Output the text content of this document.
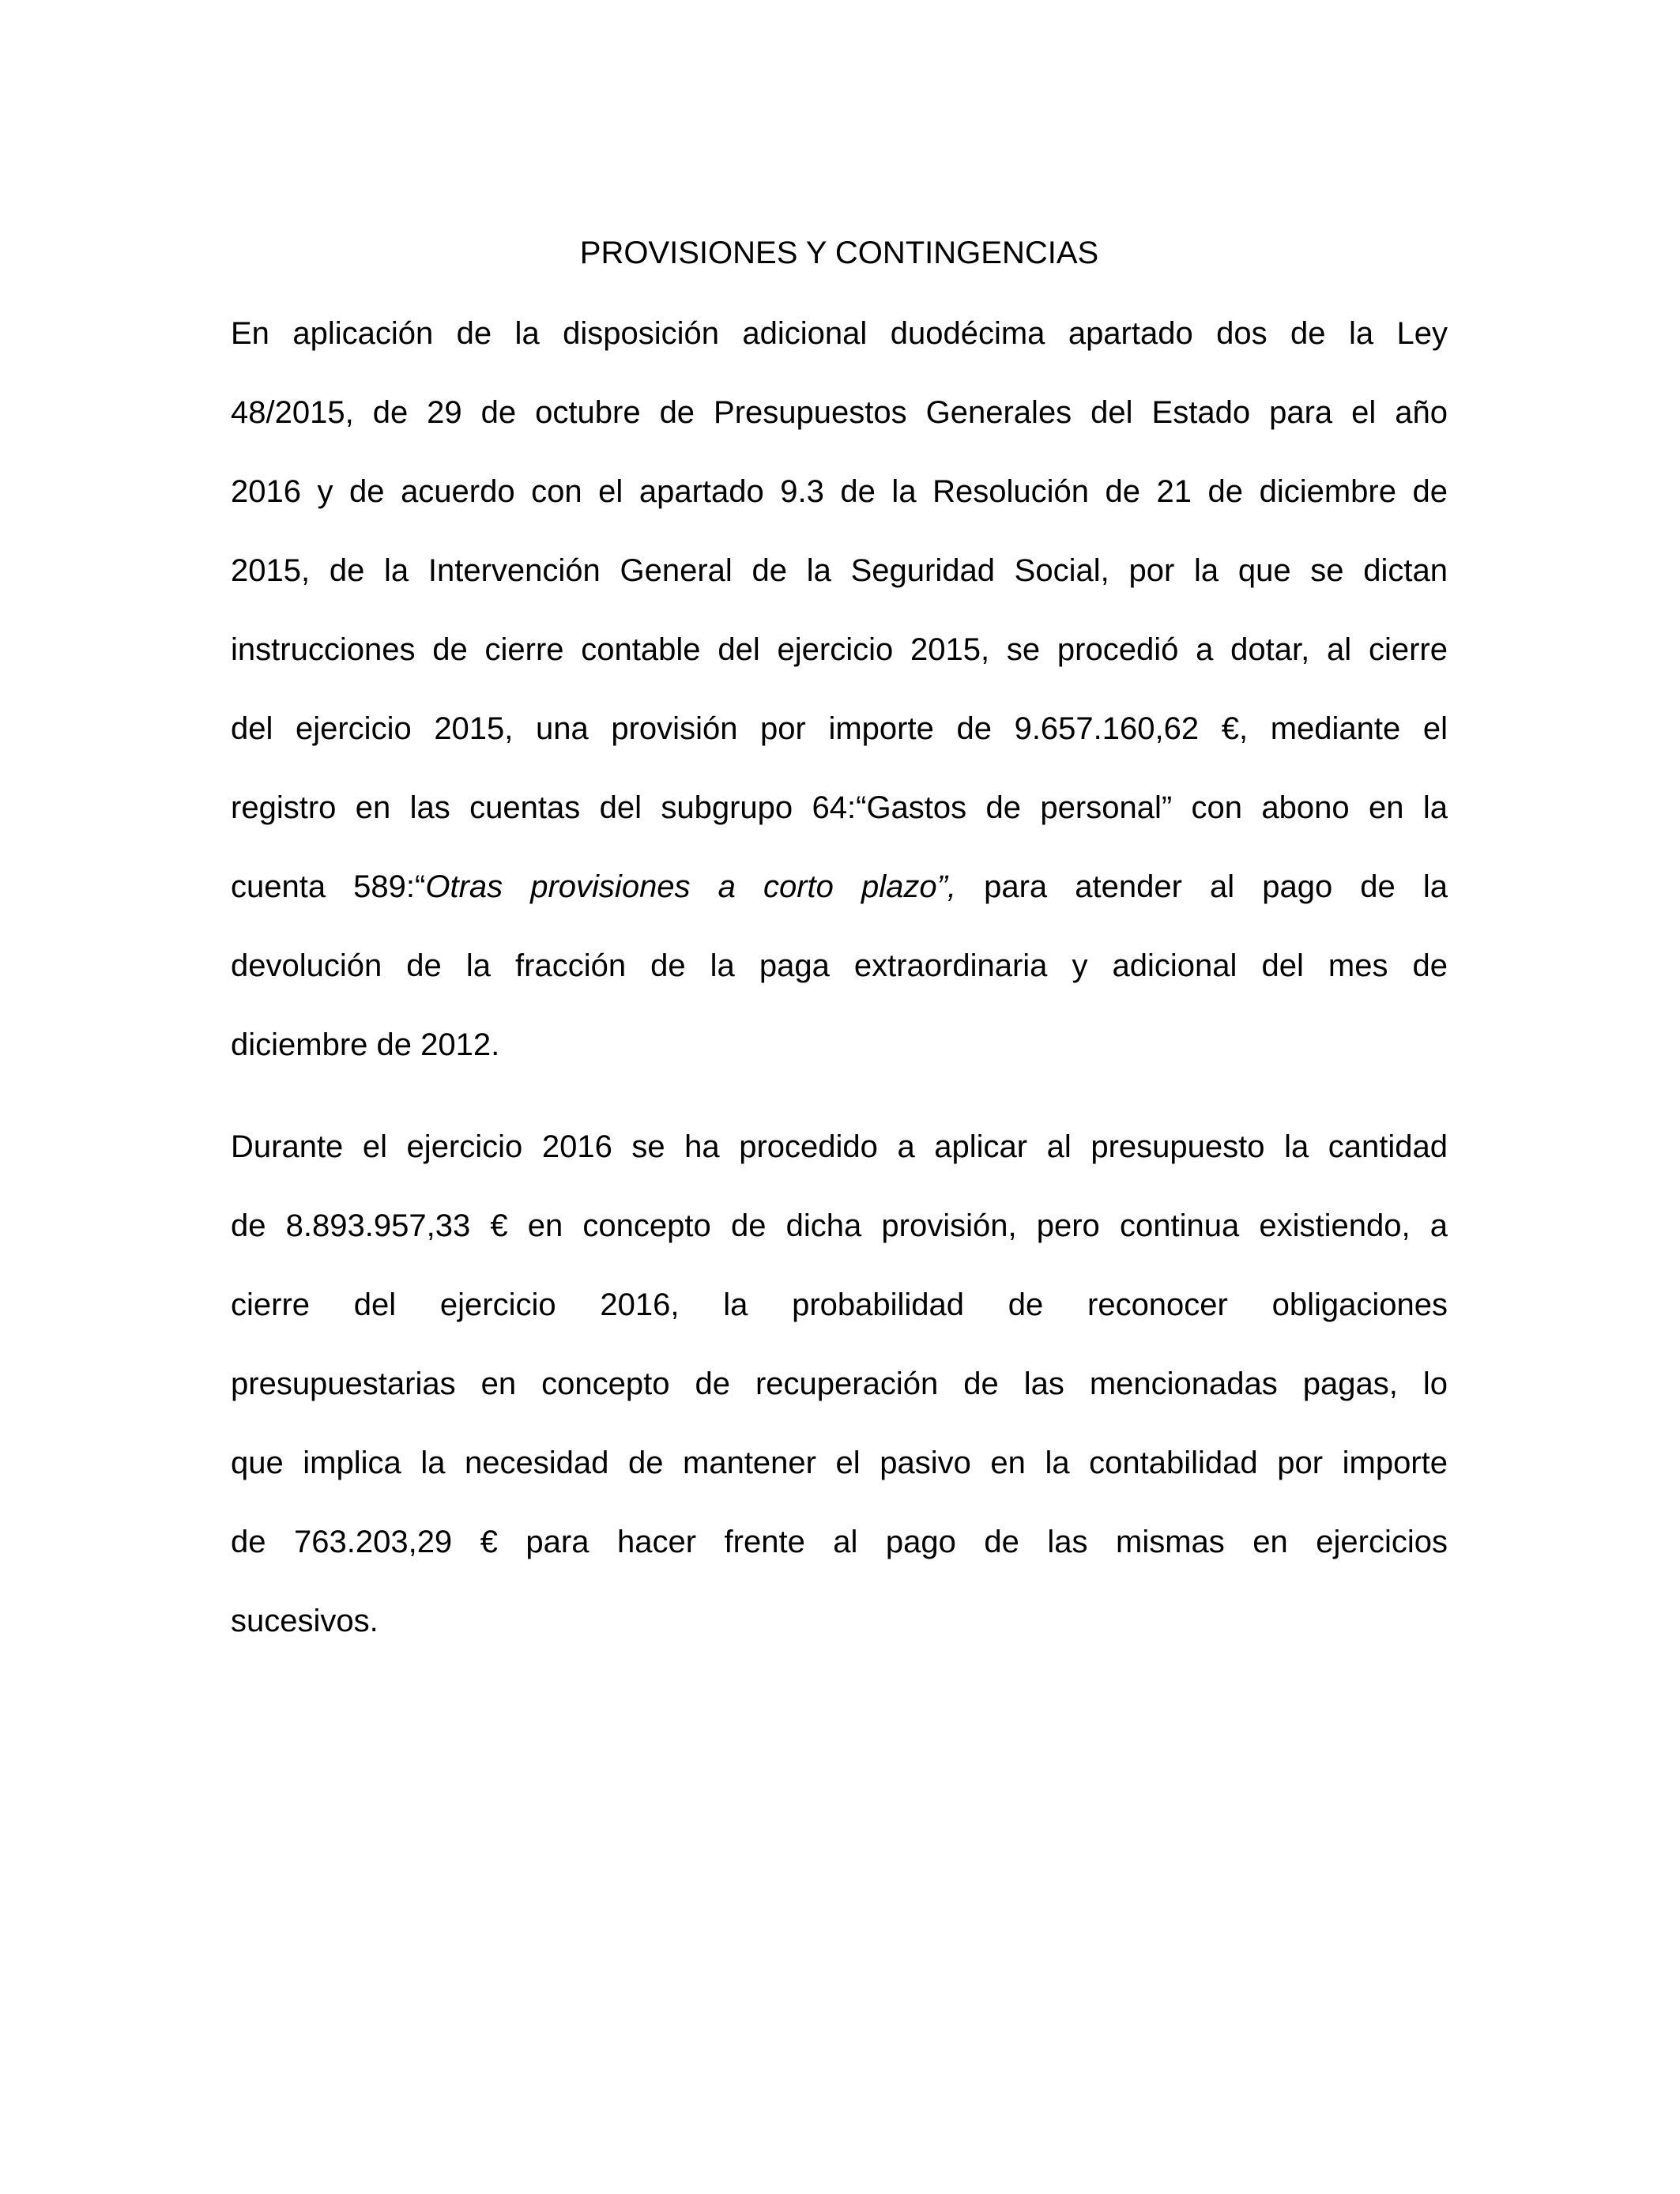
PROVISIONES Y CONTINGENCIAS
En aplicación de la disposición adicional duodécima apartado dos de la Ley
48/2015, de 29 de octubre de Presupuestos Generales del Estado para el año
2016 y de acuerdo con el apartado 9.3 de la Resolución de 21 de diciembre de
2015, de la Intervención General de la Seguridad Social, por la que se dictan
instrucciones de cierre contable del ejercicio 2015, se procedió a dotar, al cierre
del ejercicio 2015, una provisión por importe de 9.657.160,62 €, mediante el
registro en las cuentas del subgrupo 64:“Gastos de personal” con abono en la
cuenta 589:“Otras provisiones a corto plazo”, para atender al pago de la
devolución de la fracción de la paga extraordinaria y adicional del mes de
diciembre de 2012.
Durante el ejercicio 2016 se ha procedido a aplicar al presupuesto la cantidad
de 8.893.957,33 € en concepto de dicha provisión, pero continua existiendo, a
cierre del ejercicio 2016, la probabilidad de reconocer obligaciones
presupuestarias en concepto de recuperación de las mencionadas pagas, lo
que implica la necesidad de mantener el pasivo en la contabilidad por importe
de 763.203,29 € para hacer frente al pago de las mismas en ejercicios
sucesivos.
